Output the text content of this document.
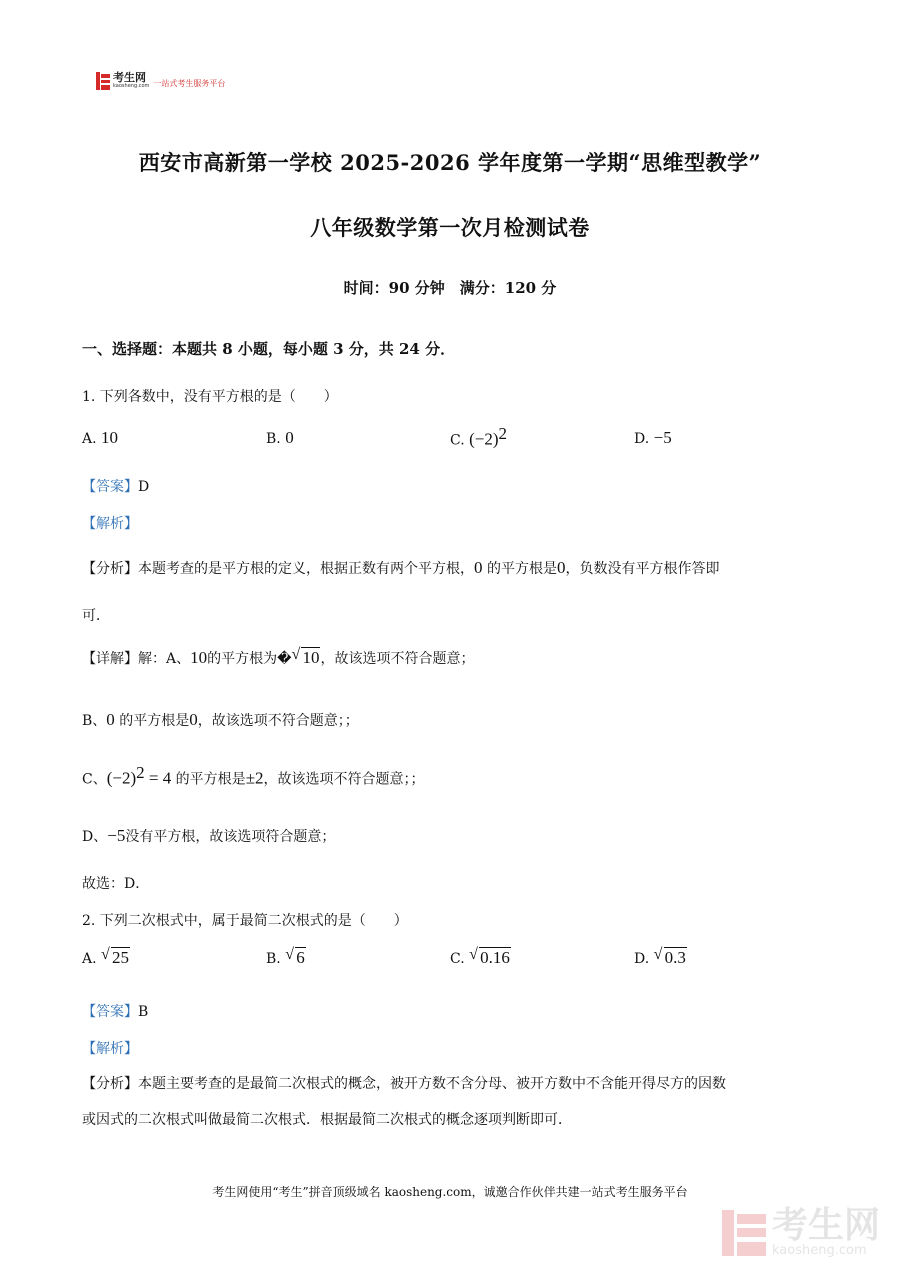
考生网
kaosheng.com 一站式考生服务平台
西安市高新第一学校 2025-2026 学年度第一学期“思维型教学”
八年级数学第一次月检测试卷
时间：90 分钟　满分：120 分
一、选择题：本题共 8 小题，每小题 3 分，共 24 分．
1. 下列各数中，没有平方根的是（　　）
A. 10	B. 0	C. $(-2)^2$	D. −5
【答案】D
【解析】
【分析】本题考查的是平方根的定义，根据正数有两个平方根，0 的平方根是0，负数没有平方根作答即
可．
【详解】解：A、10的平方根为� √ 10，故该选项不符合题意；
B、0 的平方根是0，故该选项不符合题意；；
C、$(-2)^2 = 4$ 的平方根是±2，故该选项不符合题意；；
D、−5没有平方根，故该选项符合题意；
故选：D．
2. 下列二次根式中，属于最简二次根式的是（　　）
A. √ 25	B. √ 6	C. √ 0.16	D. √ 0.3
【答案】B
【解析】
【分析】本题主要考查的是最简二次根式的概念，被开方数不含分母、被开方数中不含能开得尽方的因数
或因式的二次根式叫做最简二次根式．根据最简二次根式的概念逐项判断即可．
考生网使用“考生”拼音顶级域名 kaosheng.com，诚邀合作伙伴共建一站式考生服务平台
考生网
kaosheng.com
